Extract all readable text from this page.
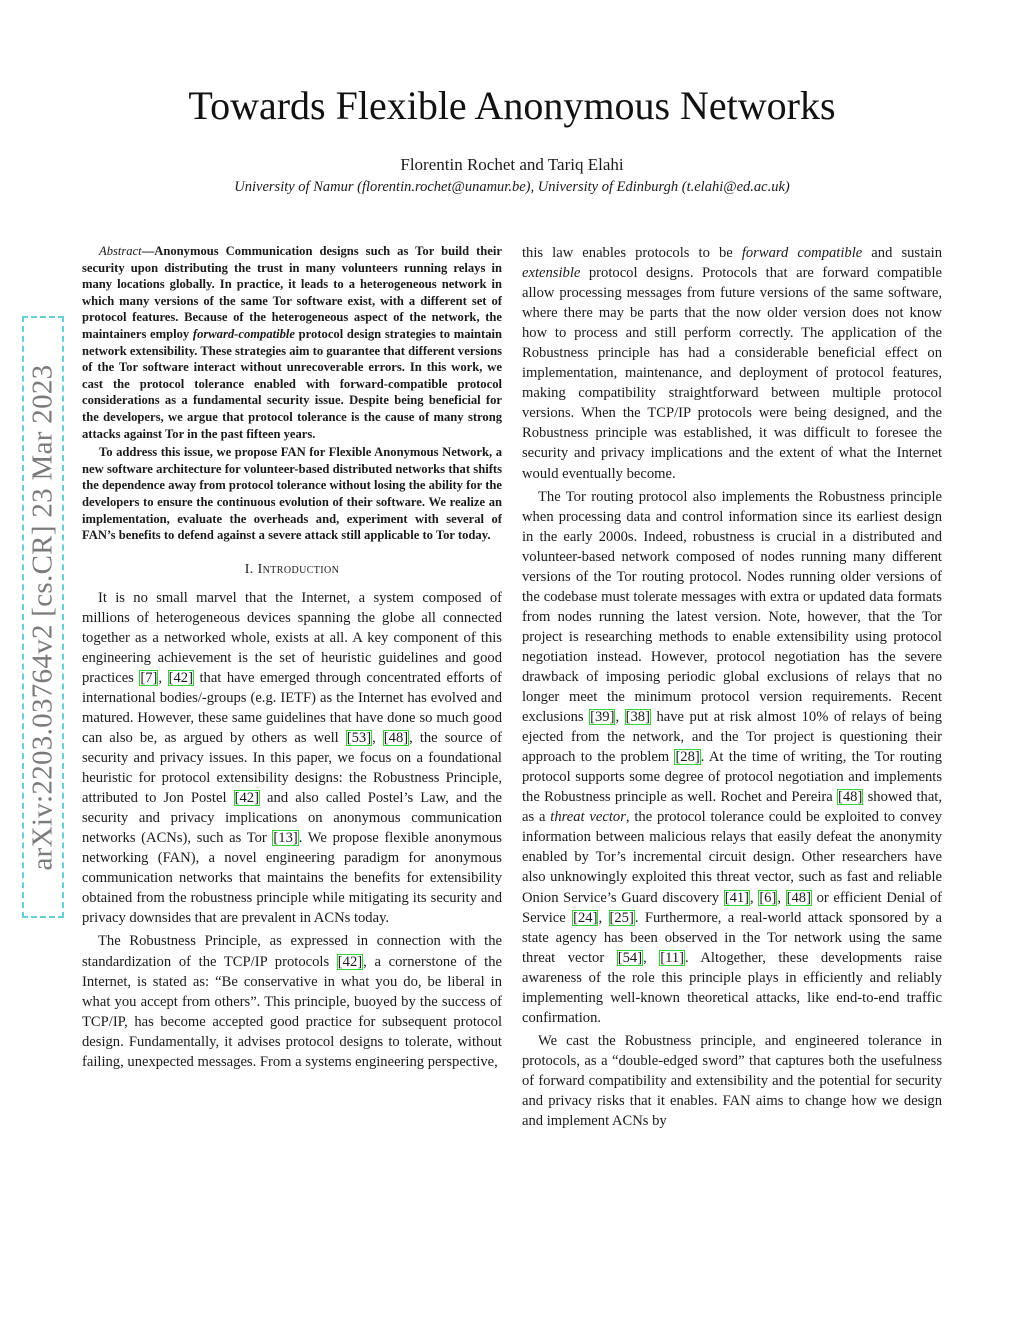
arXiv:2203.03764v2 [cs.CR] 23 Mar 2023
Towards Flexible Anonymous Networks
Florentin Rochet and Tariq Elahi
University of Namur (florentin.rochet@unamur.be), University of Edinburgh (t.elahi@ed.ac.uk)

Abstract—Anonymous Communication designs such as Tor build their security upon distributing the trust in many volunteers running relays in many locations globally. In practice, it leads to a heterogeneous network in which many versions of the same Tor software exist, with a different set of protocol features. Because of the heterogeneous aspect of the network, the maintainers employ forward-compatible protocol design strategies to maintain network extensibility. These strategies aim to guarantee that different versions of the Tor software interact without unrecoverable errors. In this work, we cast the protocol tolerance enabled with forward-compatible protocol considerations as a fundamental security issue. Despite being beneficial for the developers, we argue that protocol tolerance is the cause of many strong attacks against Tor in the past fifteen years.

To address this issue, we propose FAN for Flexible Anonymous Network, a new software architecture for volunteer-based distributed networks that shifts the dependence away from protocol tolerance without losing the ability for the developers to ensure the continuous evolution of their software. We realize an implementation, evaluate the overheads and, experiment with several of FAN’s benefits to defend against a severe attack still applicable to Tor today.

I. Introduction

It is no small marvel that the Internet, a system composed of millions of heterogeneous devices spanning the globe all connected together as a networked whole, exists at all. A key component of this engineering achievement is the set of heuristic guidelines and good practices [7], [42] that have emerged through concentrated efforts of international bodies/-groups (e.g. IETF) as the Internet has evolved and matured. However, these same guidelines that have done so much good can also be, as argued by others as well [53], [48], the source of security and privacy issues. In this paper, we focus on a foundational heuristic for protocol extensibility designs: the Robustness Principle, attributed to Jon Postel [42] and also called Postel’s Law, and the security and privacy implications on anonymous communication networks (ACNs), such as Tor [13]. We propose flexible anonymous networking (FAN), a novel engineering paradigm for anonymous communication networks that maintains the benefits for extensibility obtained from the robustness principle while mitigating its security and privacy downsides that are prevalent in ACNs today.

The Robustness Principle, as expressed in connection with the standardization of the TCP/IP protocols [42], a cornerstone of the Internet, is stated as: “Be conservative in what you do, be liberal in what you accept from others”. This principle, buoyed by the success of TCP/IP, has become accepted good practice for subsequent protocol design. Fundamentally, it advises protocol designs to tolerate, without failing, unexpected messages. From a systems engineering perspective,

this law enables protocols to be forward compatible and sustain extensible protocol designs. Protocols that are forward compatible allow processing messages from future versions of the same software, where there may be parts that the now older version does not know how to process and still perform correctly. The application of the Robustness principle has had a considerable beneficial effect on implementation, maintenance, and deployment of protocol features, making compatibility straightforward between multiple protocol versions. When the TCP/IP protocols were being designed, and the Robustness principle was established, it was difficult to foresee the security and privacy implications and the extent of what the Internet would eventually become.

The Tor routing protocol also implements the Robustness principle when processing data and control information since its earliest design in the early 2000s. Indeed, robustness is crucial in a distributed and volunteer-based network composed of nodes running many different versions of the Tor routing protocol. Nodes running older versions of the codebase must tolerate messages with extra or updated data formats from nodes running the latest version. Note, however, that the Tor project is researching methods to enable extensibility using protocol negotiation instead. However, protocol negotiation has the severe drawback of imposing periodic global exclusions of relays that no longer meet the minimum protocol version requirements. Recent exclusions [39], [38] have put at risk almost 10% of relays of being ejected from the network, and the Tor project is questioning their approach to the problem [28]. At the time of writing, the Tor routing protocol supports some degree of protocol negotiation and implements the Robustness principle as well. Rochet and Pereira [48] showed that, as a threat vector, the protocol tolerance could be exploited to convey information between malicious relays that easily defeat the anonymity enabled by Tor’s incremental circuit design. Other researchers have also unknowingly exploited this threat vector, such as fast and reliable Onion Service’s Guard discovery [41], [6], [48] or efficient Denial of Service [24], [25]. Furthermore, a real-world attack sponsored by a state agency has been observed in the Tor network using the same threat vector [54], [11]. Altogether, these developments raise awareness of the role this principle plays in efficiently and reliably implementing well-known theoretical attacks, like end-to-end traffic confirmation.

We cast the Robustness principle, and engineered tolerance in protocols, as a “double-edged sword” that captures both the usefulness of forward compatibility and extensibility and the potential for security and privacy risks that it enables. FAN aims to change how we design and implement ACNs by
